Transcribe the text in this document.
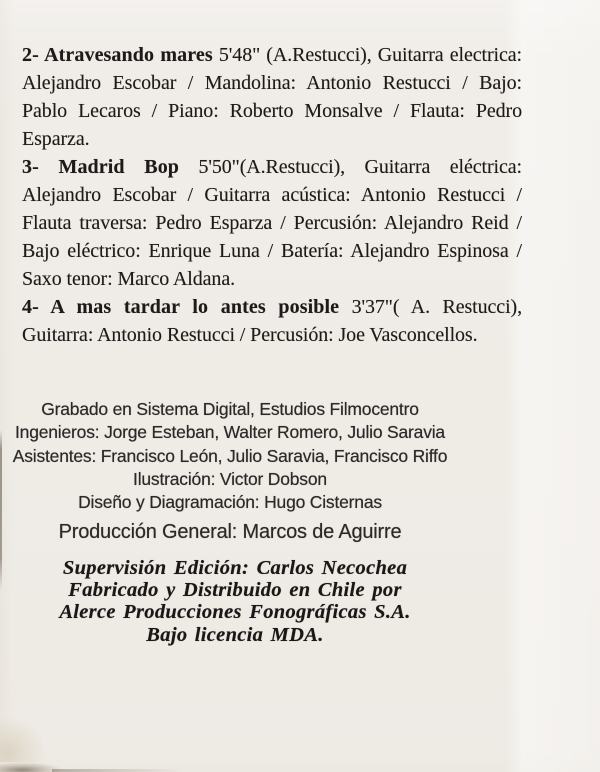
2- Atravesando mares 5'48" (A.Restucci), Guitarra electrica: Alejandro Escobar / Mandolina: Antonio Restucci / Bajo: Pablo Lecaros / Piano: Roberto Monsalve / Flauta: Pedro Esparza.

3- Madrid Bop 5'50"(A.Restucci), Guitarra eléctrica: Alejandro Escobar / Guitarra acústica: Antonio Restucci / Flauta traversa: Pedro Esparza / Percusión: Alejandro Reid / Bajo eléctrico: Enrique Luna / Batería: Alejandro Espinosa / Saxo tenor: Marco Aldana.

4- A mas tardar lo antes posible 3'37"( A. Restucci), Guitarra: Antonio Restucci / Percusión: Joe Vasconcellos.

Grabado en Sistema Digital, Estudios Filmocentro
Ingenieros: Jorge Esteban, Walter Romero, Julio Saravia
Asistentes: Francisco León, Julio Saravia, Francisco Riffo
Ilustración: Victor Dobson
Diseño y Diagramación: Hugo Cisternas
Producción General: Marcos de Aguirre
Supervisión Edición: Carlos Necochea
Fabricado y Distribuido en Chile por
Alerce Producciones Fonográficas S.A.
Bajo licencia MDA.
